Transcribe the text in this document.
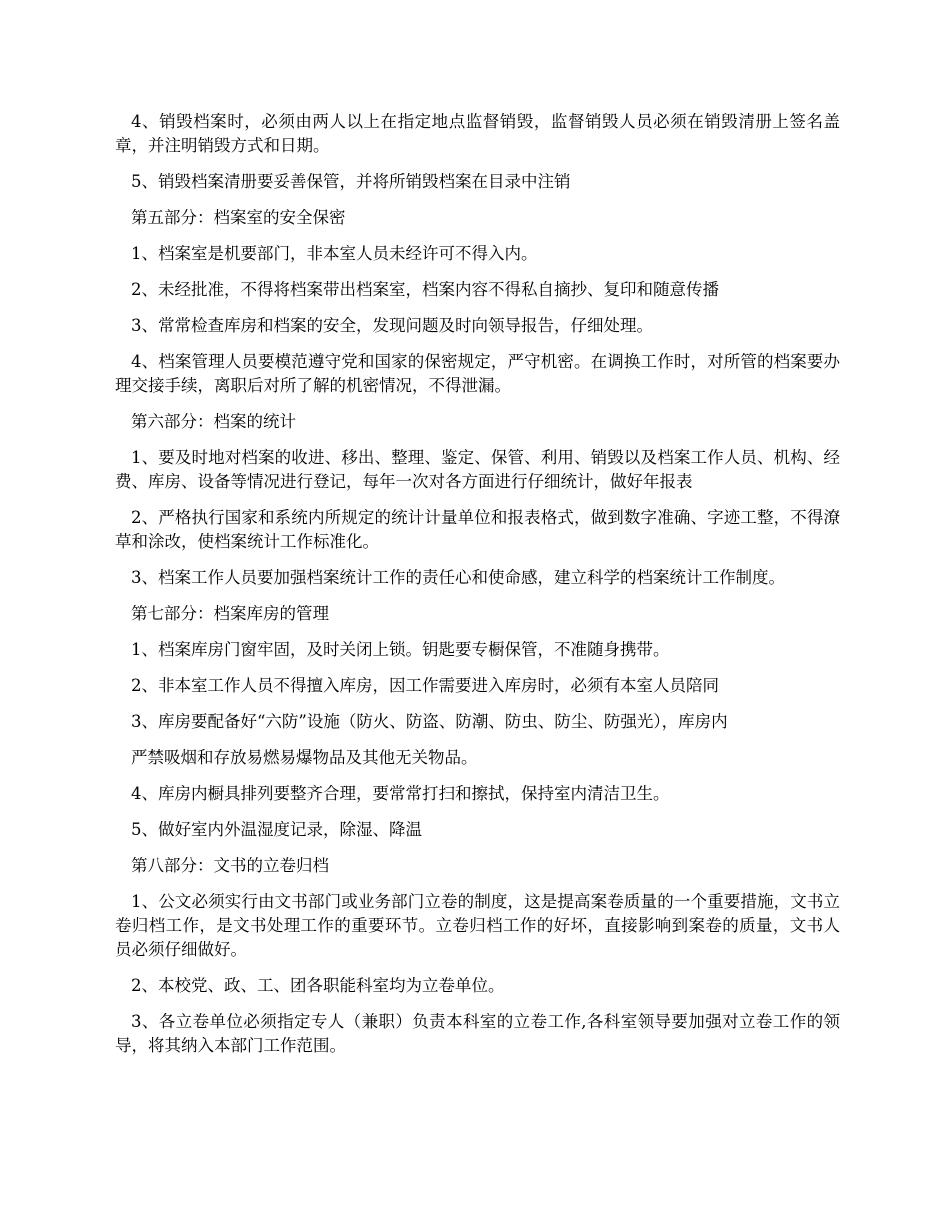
4、销毁档案时，必须由两人以上在指定地点监督销毁，监督销毁人员必须在销毁清册上签名盖章，并注明销毁方式和日期。

5、销毁档案清册要妥善保管，并将所销毁档案在目录中注销

第五部分：档案室的安全保密

1、档案室是机要部门，非本室人员未经许可不得入内。

2、未经批准，不得将档案带出档案室，档案内容不得私自摘抄、复印和随意传播

3、常常检查库房和档案的安全，发现问题及时向领导报告，仔细处理。

4、档案管理人员要模范遵守党和国家的保密规定，严守机密。在调换工作时，对所管的档案要办理交接手续，离职后对所了解的机密情况，不得泄漏。

第六部分：档案的统计

1、要及时地对档案的收进、移出、整理、鉴定、保管、利用、销毁以及档案工作人员、机构、经费、库房、设备等情况进行登记，每年一次对各方面进行仔细统计，做好年报表

2、严格执行国家和系统内所规定的统计计量单位和报表格式，做到数字准确、字迹工整，不得潦草和涂改，使档案统计工作标准化。

3、档案工作人员要加强档案统计工作的责任心和使命感，建立科学的档案统计工作制度。

第七部分：档案库房的管理

1、档案库房门窗牢固，及时关闭上锁。钥匙要专橱保管，不准随身携带。

2、非本室工作人员不得擅入库房，因工作需要进入库房时，必须有本室人员陪同

3、库房要配备好“六防”设施（防火、防盗、防潮、防虫、防尘、防强光），库房内

严禁吸烟和存放易燃易爆物品及其他无关物品。

4、库房内橱具排列要整齐合理，要常常打扫和擦拭，保持室内清洁卫生。

5、做好室内外温湿度记录，除湿、降温

第八部分：文书的立卷归档

1、公文必须实行由文书部门或业务部门立卷的制度，这是提高案卷质量的一个重要措施，文书立卷归档工作，是文书处理工作的重要环节。立卷归档工作的好坏，直接影响到案卷的质量，文书人员必须仔细做好。

2、本校党、政、工、团各职能科室均为立卷单位。

3、各立卷单位必须指定专人（兼职）负责本科室的立卷工作,各科室领导要加强对立卷工作的领导，将其纳入本部门工作范围。
